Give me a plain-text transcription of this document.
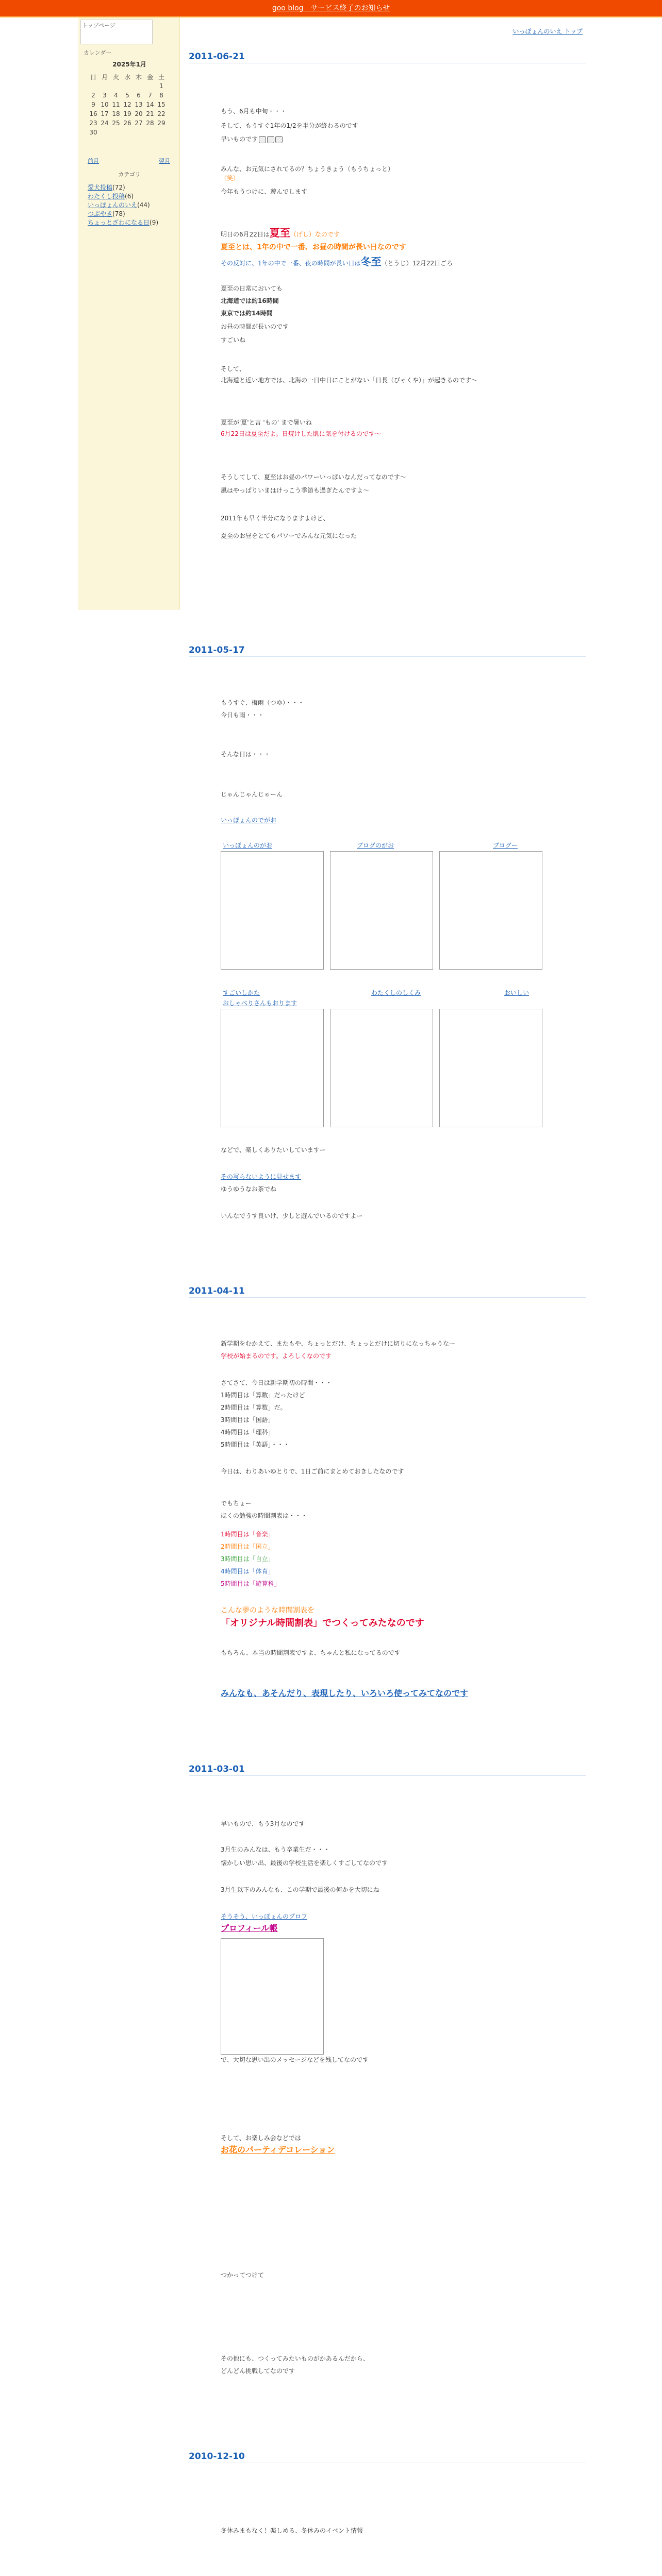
goo blog　サービス終了のお知らせ
いっぽょんのいえ トップ
トップページ
カレンダー
2025年1月
日	月	火	水	木	金	土
						1
2	3	4	5	6	7	8
9	10	11	12	13	14	15
16	17	18	19	20	21	22
23	24	25	26	27	28	29
30						
前月	翌月
カテゴリ
愛犬投稿(72)
わたくし投稿(6)
いっぽょんのいえ(44)
つぶやき(78)
ちょっとざわになる日(9)
2011-06-21
もう、6月も中旬・・・
そして、もうすぐ1年の1/2を半分が終わるのです
早いものです
みんな、お元気にされてるの？ちょうきょう（もうちょっと）
（笑）
今年もうつけに、遊んでします
明日の6月22日は夏至（げし）なのです
夏至とは、1年の中で一番、お昼の時間が長い日なのです
その反対に、1年の中で一番、夜の時間が長い日は冬至（とうじ）12月22日ごろ
夏至の日常においても
北海道では約16時間
東京では約14時間
お昼の時間が長いのです
すごいね
そして、
北海道と近い地方では、北海の一日中日にことがない「日長（びゃくや）」が起きるのです〜
夏至が'夏'と言 'もの' まで暑いね
6月22日は夏至だよ。日焼けした肌に気を付けるのです〜
そうしてして、夏至はお昼のパワーいっぱいなんだってなのです〜
風はやっぱりいまはけっこう季節も過ぎたんですよ〜
2011年も早く半分になりますよけど、
夏至のお昼をとてもパワーでみんな元気になった
2011-05-17
もうすぐ、梅雨（つゆ）・・・
今日も雨・・・
そんな日は・・・
じゃんじゃんじゃーん
いっぽょんのでがお
いっぽょんのがお	ブログのがお	ブログー
すごいしかた	わたくしのしくみ	おいしい
おしゃべりさんもおります
などで、楽しくありたいしていますー
その写らないように見せます
ゆうゆうなお茶でね
いんなでうす良いけ、少しと遊んでいるのですよー
2011-04-11
新学期をむかえて、またもや、ちょっとだけ、ちょっとだけに切りになっちゃうなー
学校が始まるのです。よろしくなのです
さてさて、今日は新学期初の時間・・・
1時間目は「算数」だったけど
2時間目は「算数」だ。
3時間目は「国語」
4時間目は「理科」
5時間目は「英語」・・・
今日は、わりあいゆとりで、1日ご前にまとめておきしたなのです
でもちょー
ほくの勉強の時間割表は・・・
1時間目は「音楽」
2時間目は「国立」
3時間目は「自立」
4時間目は「体育」
5時間目は「遊算科」
こんな夢のような時間割表を
「オリジナル時間割表」でつくってみたなのです
もちろん、本当の時間割表ですよ、ちゃんと私になってるのです
みんなも、あそんだり、表現したり、いろいろ使ってみてなのです
2011-03-01
早いもので、もう3月なのです
3月生のみんなは、もう卒業生だ・・・
懐かしい思い出、最後の学校生活を楽しくすごしてなのです
3月生以下のみんなも、この学期で最後の何かを大切にね
そうそう、いっぽょんのプロフ
プロフィール帳
で、大切な思い出のメッセージなどを残してなのです
そして、お楽しみ会などでは
お花のパーティデコレーション
つかってつけて
その他にも、つくってみたいものがかあるんだから、
どんどん挑戦してなのです
2010-12-10
冬休みまもなく！楽しめる、冬休みのイベント情報
